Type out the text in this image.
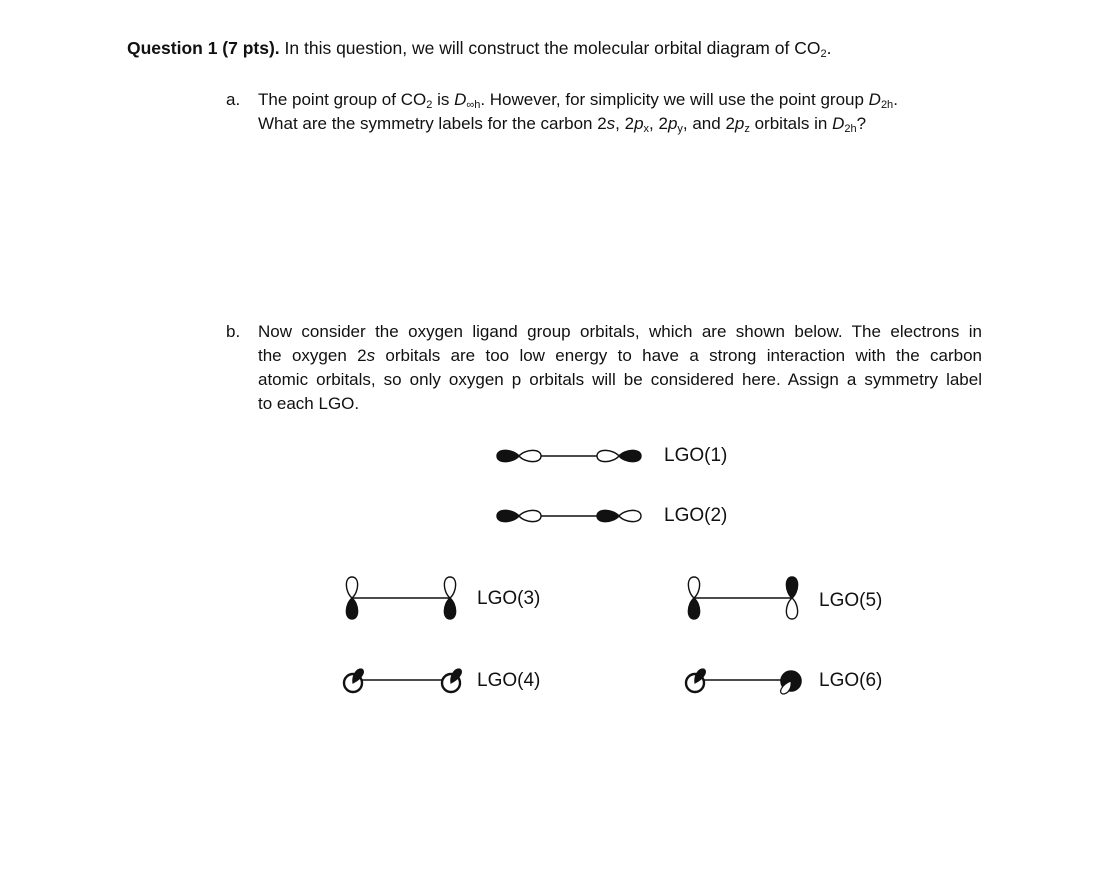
Question 1 (7 pts). In this question, we will construct the molecular orbital diagram of CO2.
a. The point group of CO2 is D∞h. However, for simplicity we will use the point group D2h.
What are the symmetry labels for the carbon 2s, 2px, 2py, and 2pz orbitals in D2h?
b. Now consider the oxygen ligand group orbitals, which are shown below. The electrons in
the oxygen 2s orbitals are too low energy to have a strong interaction with the carbon
atomic orbitals, so only oxygen p orbitals will be considered here. Assign a symmetry label
to each LGO.
LGO(1)
LGO(2)
LGO(3)	LGO(5)
LGO(4)	LGO(6)
